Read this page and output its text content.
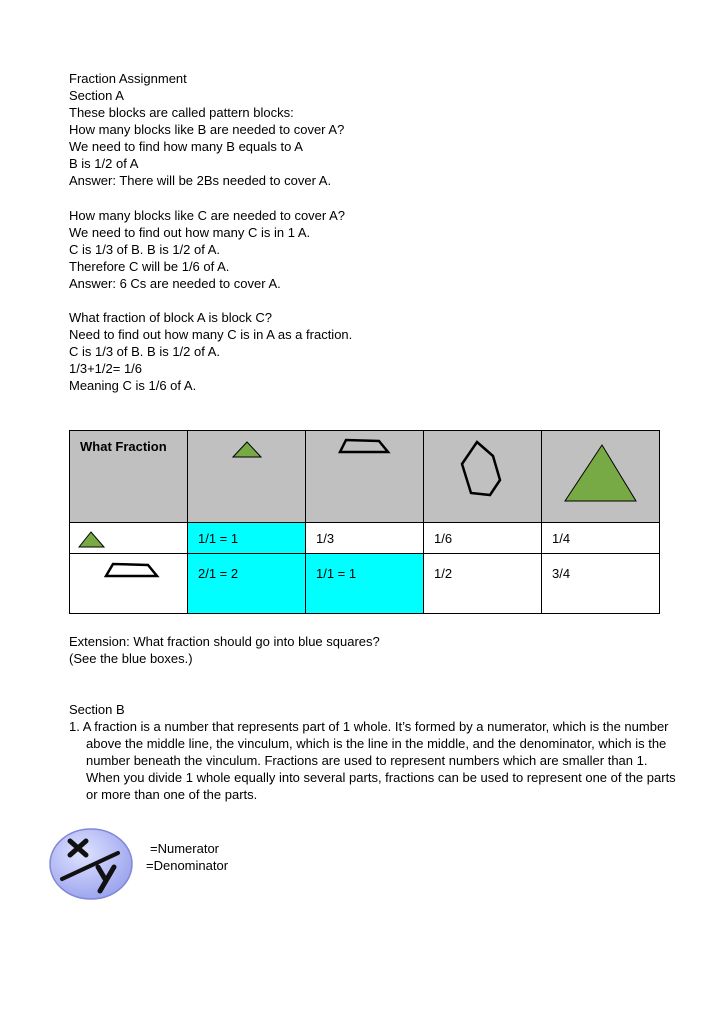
Fraction Assignment
Section A
These blocks are called pattern blocks:
How many blocks like B are needed to cover A?
We need to find how many B equals to A
B is 1/2 of A
Answer: There will be 2Bs needed to cover A.
How many blocks like C are needed to cover A?
We need to find out how many C is in 1 A.
C is 1/3 of B. B is 1/2 of A.
Therefore C will be 1/6 of A.
Answer: 6 Cs are needed to cover A.
What fraction of block A is block C?
Need to find out how many C is in A as a fraction.
C is 1/3 of B. B is 1/2 of A.
1/3+1/2= 1/6
Meaning C is 1/6 of A.
What Fraction

1/1 = 1	1/3	1/6	1/4

2/1 = 2	1/1 = 1	1/2	3/4
Extension: What fraction should go into blue squares?
(See the blue boxes.)
Section B
1. A fraction is a number that represents part of 1 whole. It’s formed by a numerator, which is the number above the middle line, the vinculum, which is the line in the middle, and the denominator, which is the number beneath the vinculum. Fractions are used to represent numbers which are smaller than 1. When you divide 1 whole equally into several parts, fractions can be used to represent one of the parts or more than one of the parts.
=Numerator
=Denominator
